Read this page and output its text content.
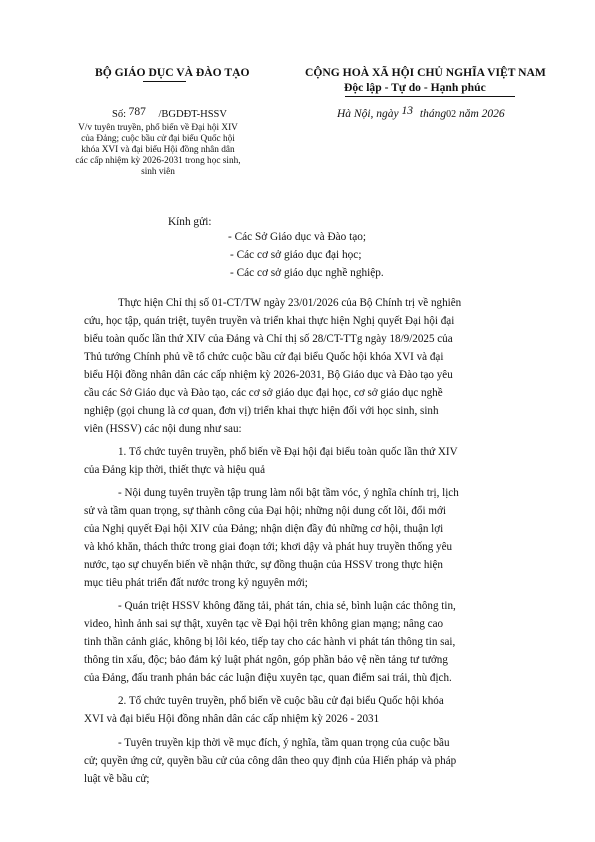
BỘ GIÁO DỤC VÀ ĐÀO TẠO	CỘNG HOÀ XÃ HỘI CHỦ NGHĨA VIỆT NAM
Độc lập - Tự do - Hạnh phúc
Số: 787 /BGDĐT-HSSV
V/v tuyên truyền, phổ biến về Đại hội XIV
của Đảng; cuộc bầu cử đại biểu Quốc hội
khóa XVI và đại biểu Hội đồng nhân dân
các cấp nhiệm kỳ 2026-2031 trong học sinh,
sinh viên
Hà Nội, ngày 13 tháng02 năm 2026
Kính gửi:
- Các Sở Giáo dục và Đào tạo;
- Các cơ sở giáo dục đại học;
- Các cơ sở giáo dục nghề nghiệp.
Thực hiện Chỉ thị số 01-CT/TW ngày 23/01/2026 của Bộ Chính trị về nghiên
cứu, học tập, quán triệt, tuyên truyền và triển khai thực hiện Nghị quyết Đại hội đại
biểu toàn quốc lần thứ XIV của Đảng và Chỉ thị số 28/CT-TTg ngày 18/9/2025 của
Thủ tướng Chính phủ về tổ chức cuộc bầu cử đại biểu Quốc hội khóa XVI và đại
biểu Hội đồng nhân dân các cấp nhiệm kỳ 2026-2031, Bộ Giáo dục và Đào tạo yêu
cầu các Sở Giáo dục và Đào tạo, các cơ sở giáo dục đại học, cơ sở giáo dục nghề
nghiệp (gọi chung là cơ quan, đơn vị) triển khai thực hiện đối với học sinh, sinh
viên (HSSV) các nội dung như sau:
1. Tổ chức tuyên truyền, phổ biến về Đại hội đại biểu toàn quốc lần thứ XIV
của Đảng kịp thời, thiết thực và hiệu quả
- Nội dung tuyên truyền tập trung làm nổi bật tầm vóc, ý nghĩa chính trị, lịch
sử và tầm quan trọng, sự thành công của Đại hội; những nội dung cốt lõi, đổi mới
của Nghị quyết Đại hội XIV của Đảng; nhận diện đầy đủ những cơ hội, thuận lợi
và khó khăn, thách thức trong giai đoạn tới; khơi dậy và phát huy truyền thống yêu
nước, tạo sự chuyển biến về nhận thức, sự đồng thuận của HSSV trong thực hiện
mục tiêu phát triển đất nước trong kỷ nguyên mới;
- Quán triệt HSSV không đăng tải, phát tán, chia sẻ, bình luận các thông tin,
video, hình ảnh sai sự thật, xuyên tạc về Đại hội trên không gian mạng; nâng cao
tinh thần cảnh giác, không bị lôi kéo, tiếp tay cho các hành vi phát tán thông tin sai,
thông tin xấu, độc; bảo đảm kỷ luật phát ngôn, góp phần bảo vệ nền tảng tư tưởng
của Đảng, đấu tranh phản bác các luận điệu xuyên tạc, quan điểm sai trái, thù địch.
2. Tổ chức tuyên truyền, phổ biến về cuộc bầu cử đại biểu Quốc hội khóa
XVI và đại biểu Hội đồng nhân dân các cấp nhiệm kỳ 2026 - 2031
- Tuyên truyền kịp thời về mục đích, ý nghĩa, tầm quan trọng của cuộc bầu
cử; quyền ứng cử, quyền bầu cử của công dân theo quy định của Hiến pháp và pháp
luật về bầu cử;
